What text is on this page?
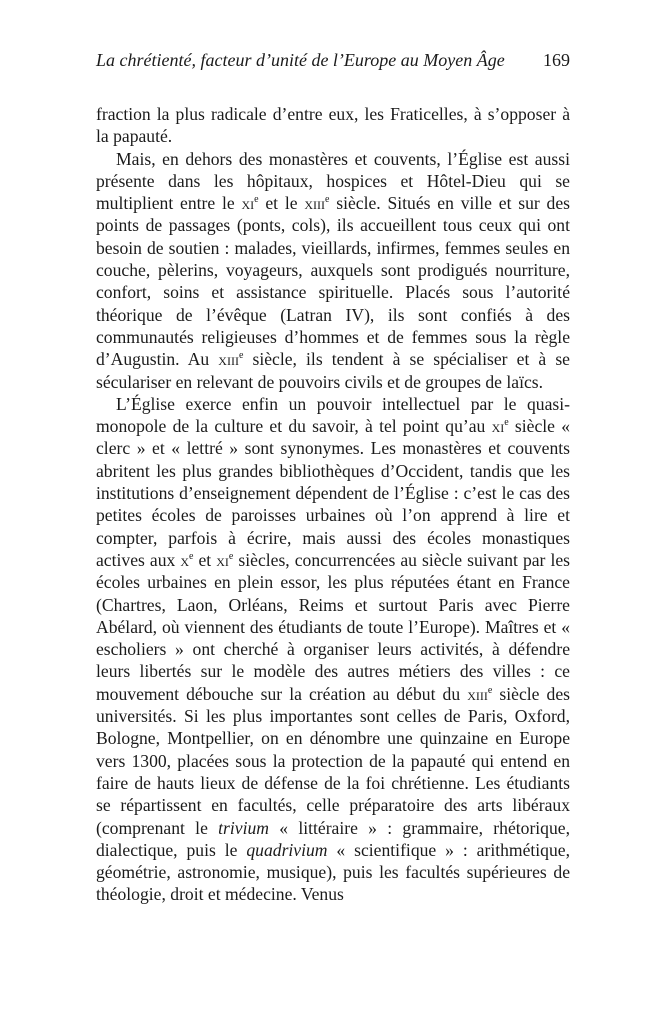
La chrétienté, facteur d’unité de l’Europe au Moyen Âge 169

fraction la plus radicale d’entre eux, les Fraticelles, à s’opposer à la papauté.

Mais, en dehors des monastères et couvents, l’Église est aussi présente dans les hôpitaux, hospices et Hôtel-Dieu qui se multiplient entre le $xi^e$ et le xiii$^e$ siècle. Situés en ville et sur des points de passages (ponts, cols), ils accueillent tous ceux qui ont besoin de soutien : malades, vieillards, infirmes, femmes seules en couche, pèlerins, voyageurs, auxquels sont prodigués nourriture, confort, soins et assistance spirituelle. Placés sous l’autorité théorique de l’évêque (Latran IV), ils sont confiés à des communautés religieuses d’hommes et de femmes sous la règle d’Augustin. Au xiii$^e$ siècle, ils tendent à se spécialiser et à se séculariser en relevant de pouvoirs civils et de groupes de laïcs.

L’Église exerce enfin un pouvoir intellectuel par le quasi-monopole de la culture et du savoir, à tel point qu’au $xi^e$ siècle « clerc » et « lettré » sont synonymes. Les monastères et couvents abritent les plus grandes bibliothèques d’Occident, tandis que les institutions d’enseignement dépendent de l’Église : c’est le cas des petites écoles de paroisses urbaines où l’on apprend à lire et compter, parfois à écrire, mais aussi des écoles monastiques actives aux $x^e$ et $xi^e$ siècles, concurrencées au siècle suivant par les écoles urbaines en plein essor, les plus réputées étant en France (Chartres, Laon, Orléans, Reims et surtout Paris avec Pierre Abélard, où viennent des étudiants de toute l’Europe). Maîtres et « escholiers » ont cherché à organiser leurs activités, à défendre leurs libertés sur le modèle des autres métiers des villes : ce mouvement débouche sur la création au début du xiii$^e$ siècle des universités. Si les plus importantes sont celles de Paris, Oxford, Bologne, Montpellier, on en dénombre une quinzaine en Europe vers 1300, placées sous la protection de la papauté qui entend en faire de hauts lieux de défense de la foi chrétienne. Les étudiants se répartissent en facultés, celle préparatoire des arts libéraux (comprenant le trivium « littéraire » : grammaire, rhétorique, dialectique, puis le quadrivium « scientifique » : arithmétique, géométrie, astronomie, musique), puis les facultés supérieures de théologie, droit et médecine. Venus
